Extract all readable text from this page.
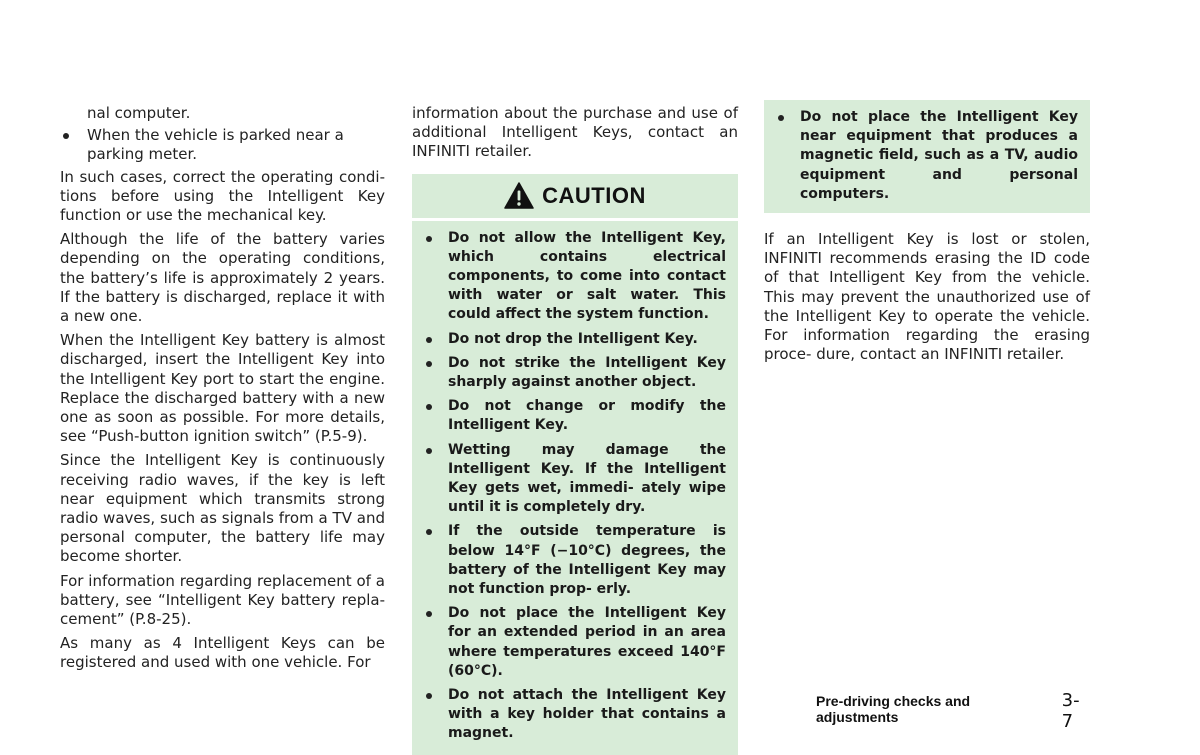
nal computer.

When the vehicle is parked near a
parking meter.

In such cases, correct the operating condi- tions before using the Intelligent Key function or use the mechanical key.

Although the life of the battery varies depending on the operating conditions, the battery’s life is approximately 2 years. If the battery is discharged, replace it with a new one.

When the Intelligent Key battery is almost discharged, insert the Intelligent Key into the Intelligent Key port to start the engine. Replace the discharged battery with a new one as soon as possible. For more details, see “Push-button ignition switch” (P.5-9).

Since the Intelligent Key is continuously receiving radio waves, if the key is left near equipment which transmits strong radio waves, such as signals from a TV and personal computer, the battery life may become shorter.

For information regarding replacement of a battery, see “Intelligent Key battery repla- cement” (P.8-25).

As many as 4 Intelligent Keys can be registered and used with one vehicle. For

information about the purchase and use of additional Intelligent Keys, contact an INFINITI retailer.

CAUTION
Do not allow the Intelligent Key, which contains electrical components, to come into contact with water or salt water. This could affect the system function.
Do not drop the Intelligent Key.
Do not strike the Intelligent Key sharply against another object.
Do not change or modify the Intelligent Key.
Wetting may damage the Intelligent Key. If the Intelligent Key gets wet, immedi- ately wipe until it is completely dry.
If the outside temperature is below 14°F (−10°C) degrees, the battery of the Intelligent Key may not function prop- erly.
Do not place the Intelligent Key for an extended period in an area where temperatures exceed 140°F (60°C).
Do not attach the Intelligent Key with a key holder that contains a magnet.
Do not place the Intelligent Key near equipment that produces a magnetic field, such as a TV, audio equipment and personal computers.

If an Intelligent Key is lost or stolen, INFINITI recommends erasing the ID code of that Intelligent Key from the vehicle. This may prevent the unauthorized use of the Intelligent Key to operate the vehicle. For information regarding the erasing proce- dure, contact an INFINITI retailer.

Pre-driving checks and adjustments
3-7
